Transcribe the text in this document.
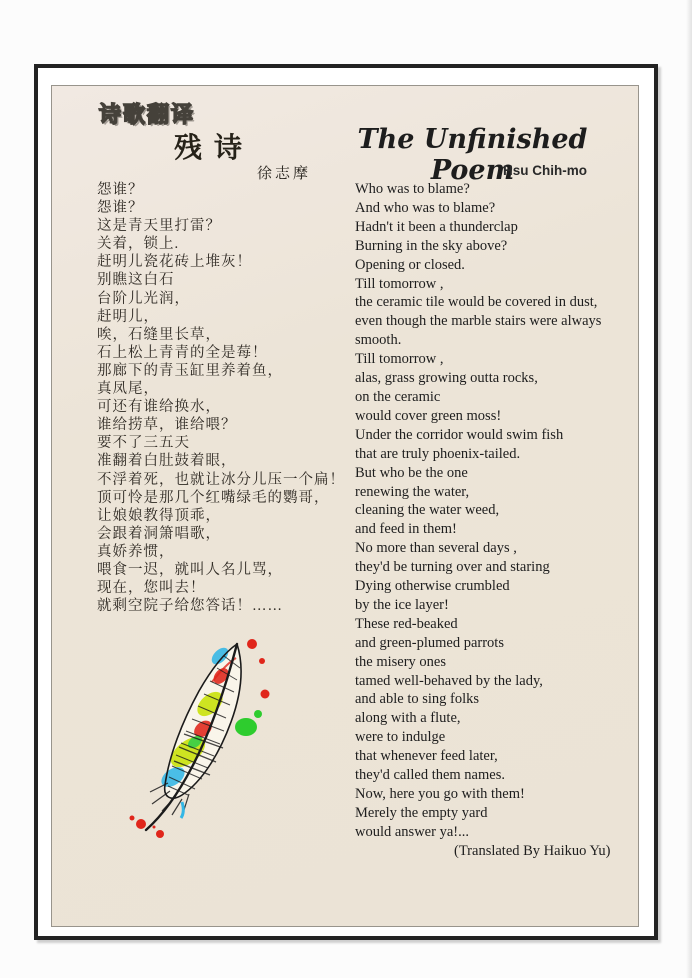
诗歌翻译
残诗
徐志摩
怨谁？
怨谁？
这是青天里打雷？
关着，锁上.
赶明儿瓷花砖上堆灰！
别瞧这白石
台阶儿光润，
赶明儿，
唉，石缝里长草，
石上松上青青的全是莓！
那廊下的青玉缸里养着鱼，
真凤尾，
可还有谁给换水，
谁给捞草，谁给喂？
要不了三五天
准翻着白肚鼓着眼，
不浮着死，也就让冰分儿压一个扁！
顶可怜是那几个红嘴绿毛的鹦哥，
让娘娘教得顶乖，
会跟着洞箫唱歌，
真娇养惯，
喂食一迟，就叫人名儿骂，
现在，您叫去！
就剩空院子给您答话！……
The Unfinished Poem
Hsu Chih-mo
Who was to blame?
And who was to blame?
Hadn't it been a thunderclap
Burning in the sky above?
Opening or closed.
Till tomorrow ,
the ceramic tile would be covered in dust,
even though the marble stairs were always
smooth.
Till tomorrow ,
alas, grass growing outta rocks,
on the ceramic
would cover green moss!
Under the corridor would swim fish
that are truly phoenix-tailed.
But who be the one
renewing the water,
cleaning the water weed,
and feed in them!
No more than several days ,
they'd be turning over and staring
Dying otherwise crumbled
by the ice layer!
These red-beaked
and green-plumed parrots
the misery ones
tamed well-behaved by the lady,
and able to sing folks
along with a flute,
were to indulge
that whenever feed later,
they'd called them names.
Now, here you go with them!
Merely the empty yard
would answer ya!...
(Translated By Haikuo Yu)
